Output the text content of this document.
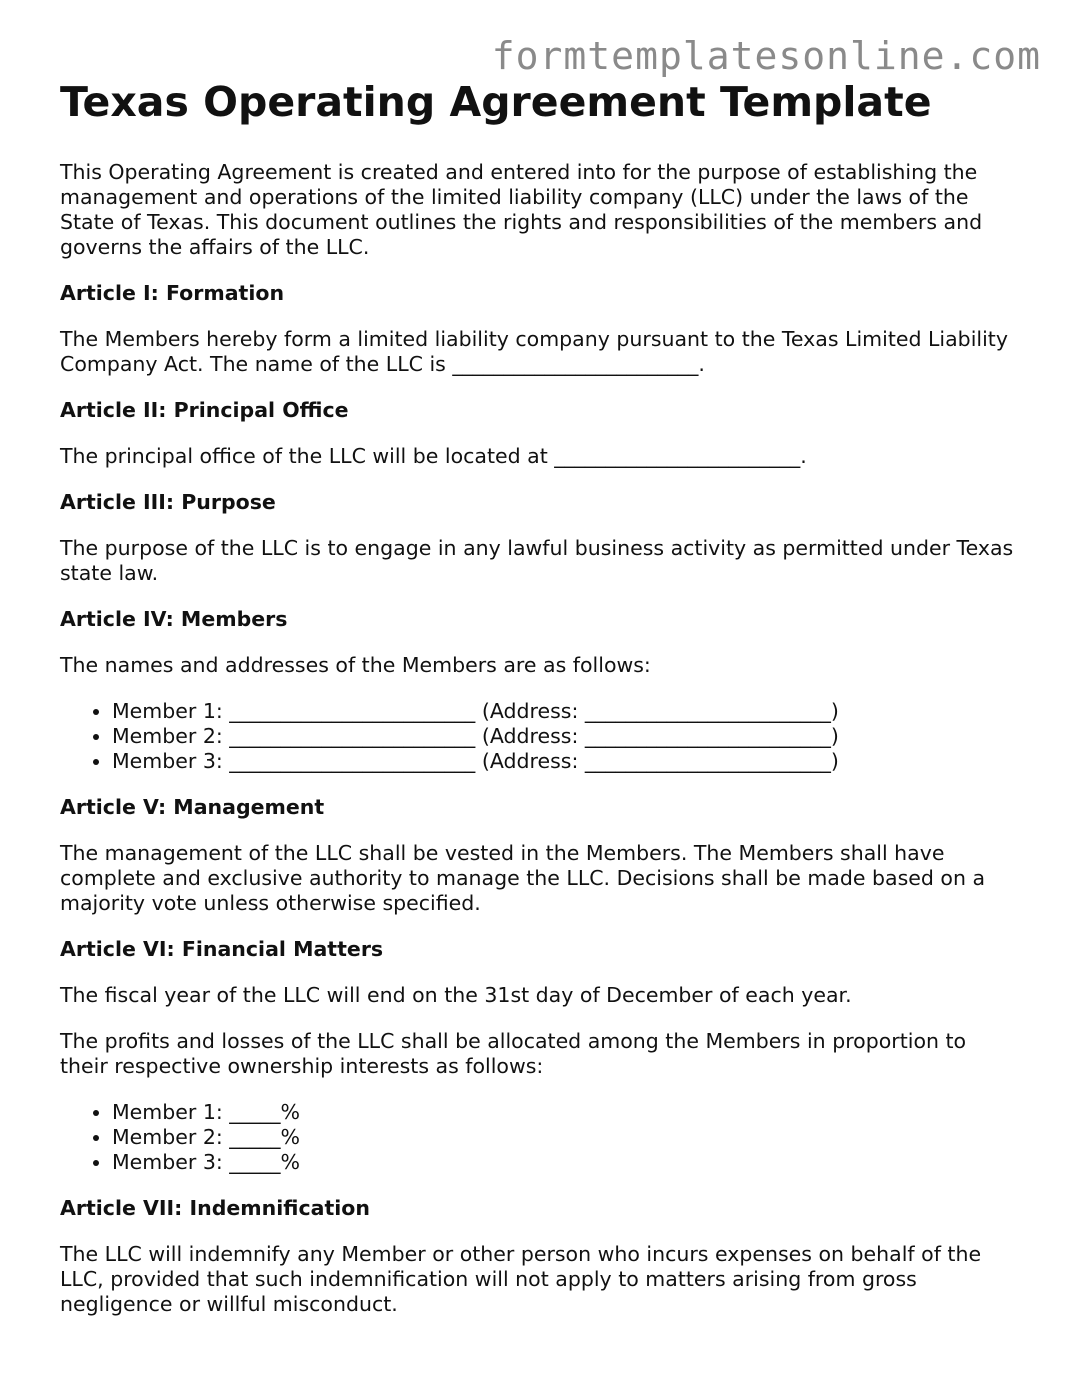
formtemplatesonline.com
Texas Operating Agreement Template

This Operating Agreement is created and entered into for the purpose of establishing the management and operations of the limited liability company (LLC) under the laws of the State of Texas. This document outlines the rights and responsibilities of the members and governs the affairs of the LLC.

Article I: Formation

The Members hereby form a limited liability company pursuant to the Texas Limited Liability Company Act. The name of the LLC is ________________________.

Article II: Principal Office

The principal office of the LLC will be located at ________________________.

Article III: Purpose

The purpose of the LLC is to engage in any lawful business activity as permitted under Texas state law.

Article IV: Members

The names and addresses of the Members are as follows:

• Member 1: ________________________ (Address: ________________________)
• Member 2: ________________________ (Address: ________________________)
• Member 3: ________________________ (Address: ________________________)
Article V: Management

The management of the LLC shall be vested in the Members. The Members shall have complete and exclusive authority to manage the LLC. Decisions shall be made based on a majority vote unless otherwise specified.

Article VI: Financial Matters

The fiscal year of the LLC will end on the 31st day of December of each year.

The profits and losses of the LLC shall be allocated among the Members in proportion to their respective ownership interests as follows:

• Member 1: _____%
• Member 2: _____%
• Member 3: _____%
Article VII: Indemnification

The LLC will indemnify any Member or other person who incurs expenses on behalf of the LLC, provided that such indemnification will not apply to matters arising from gross negligence or willful misconduct.
